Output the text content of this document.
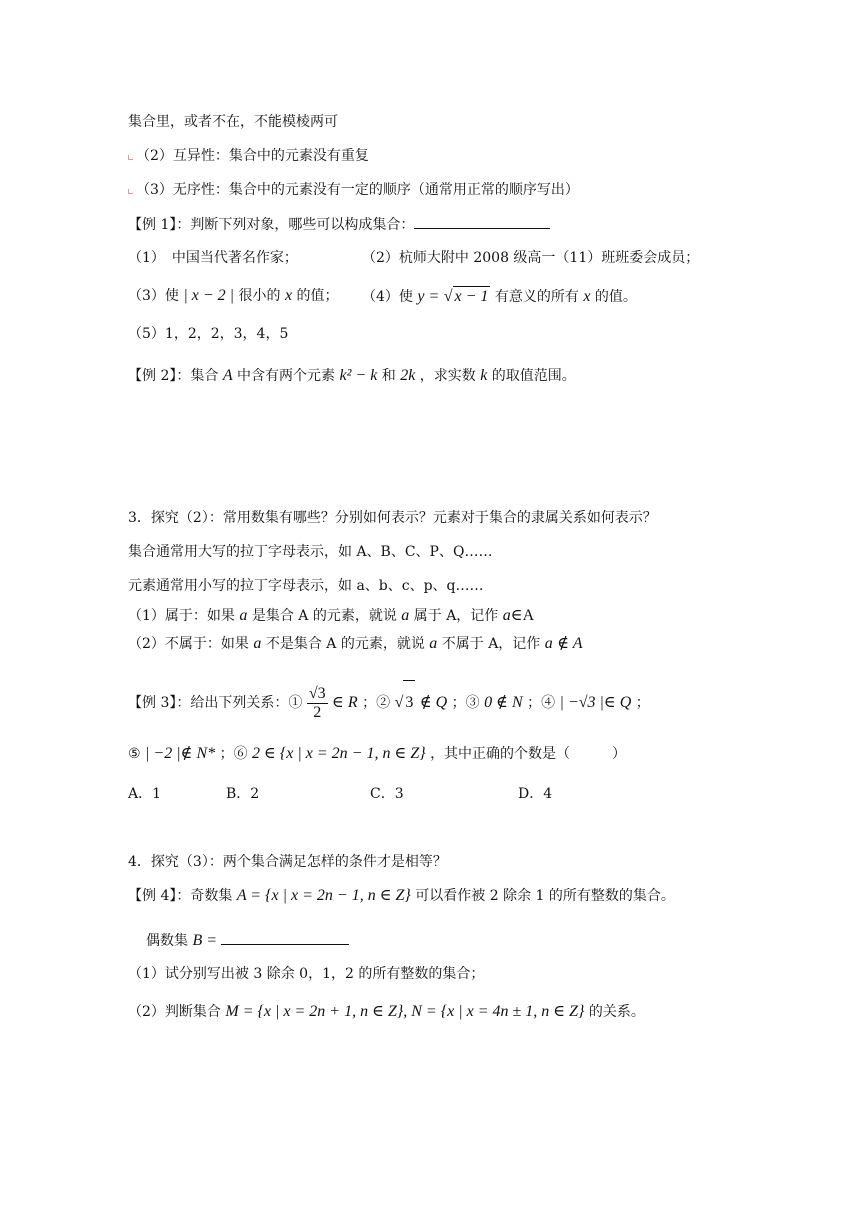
集合里，或者不在，不能模棱两可
（2）互异性：集合中的元素没有重复
（3）无序性：集合中的元素没有一定的顺序（通常用正常的顺序写出）
【例 1】：判断下列对象，哪些可以构成集合：
（1）　中国当代著名作家；	（2）杭师大附中 2008 级高一（11）班班委会成员；
（3）使 | x − 2 | 很小的 x 的值； （4）使 y = √ x − 1 有意义的所有 x 的值。
（5）1，2，2，3，4，5
【例 2】：集合 A 中含有两个元素 k² − k 和 2k ，求实数 k 的取值范围。
3．探究（2）：常用数集有哪些？分别如何表示？元素对于集合的隶属关系如何表示？
集合通常用大写的拉丁字母表示，如 A、B、C、P、Q……
元素通常用小写的拉丁字母表示，如 a、b、c、p、q……
（1）属于：如果 a 是集合 A 的元素，就说 a 属于 A，记作 a∈A
（2）不属于：如果 a 不是集合 A 的元素，就说 a 不属于 A，记作 a ∉ A
【例 3】：给出下列关系：① $\frac{√3}{2}$ ∈ R ；② √ 3 ∉ Q ；③ 0 ∉ N ；④ | −√3 |∈ Q ；
⑤ | −2 |∉ N* ；⑥ 2 ∈ {x | x = 2n − 1, n ∈ Z} ，其中正确的个数是（　　　）
A．1	B．2	C．3	D．4
4．探究（3）：两个集合满足怎样的条件才是相等？
【例 4】：奇数集 A = {x | x = 2n − 1, n ∈ Z} 可以看作被 2 除余 1 的所有整数的集合。
偶数集 B =
（1）试分别写出被 3 除余 0，1，2 的所有整数的集合；
（2）判断集合 M = {x | x = 2n + 1, n ∈ Z}, N = {x | x = 4n ± 1, n ∈ Z} 的关系。
